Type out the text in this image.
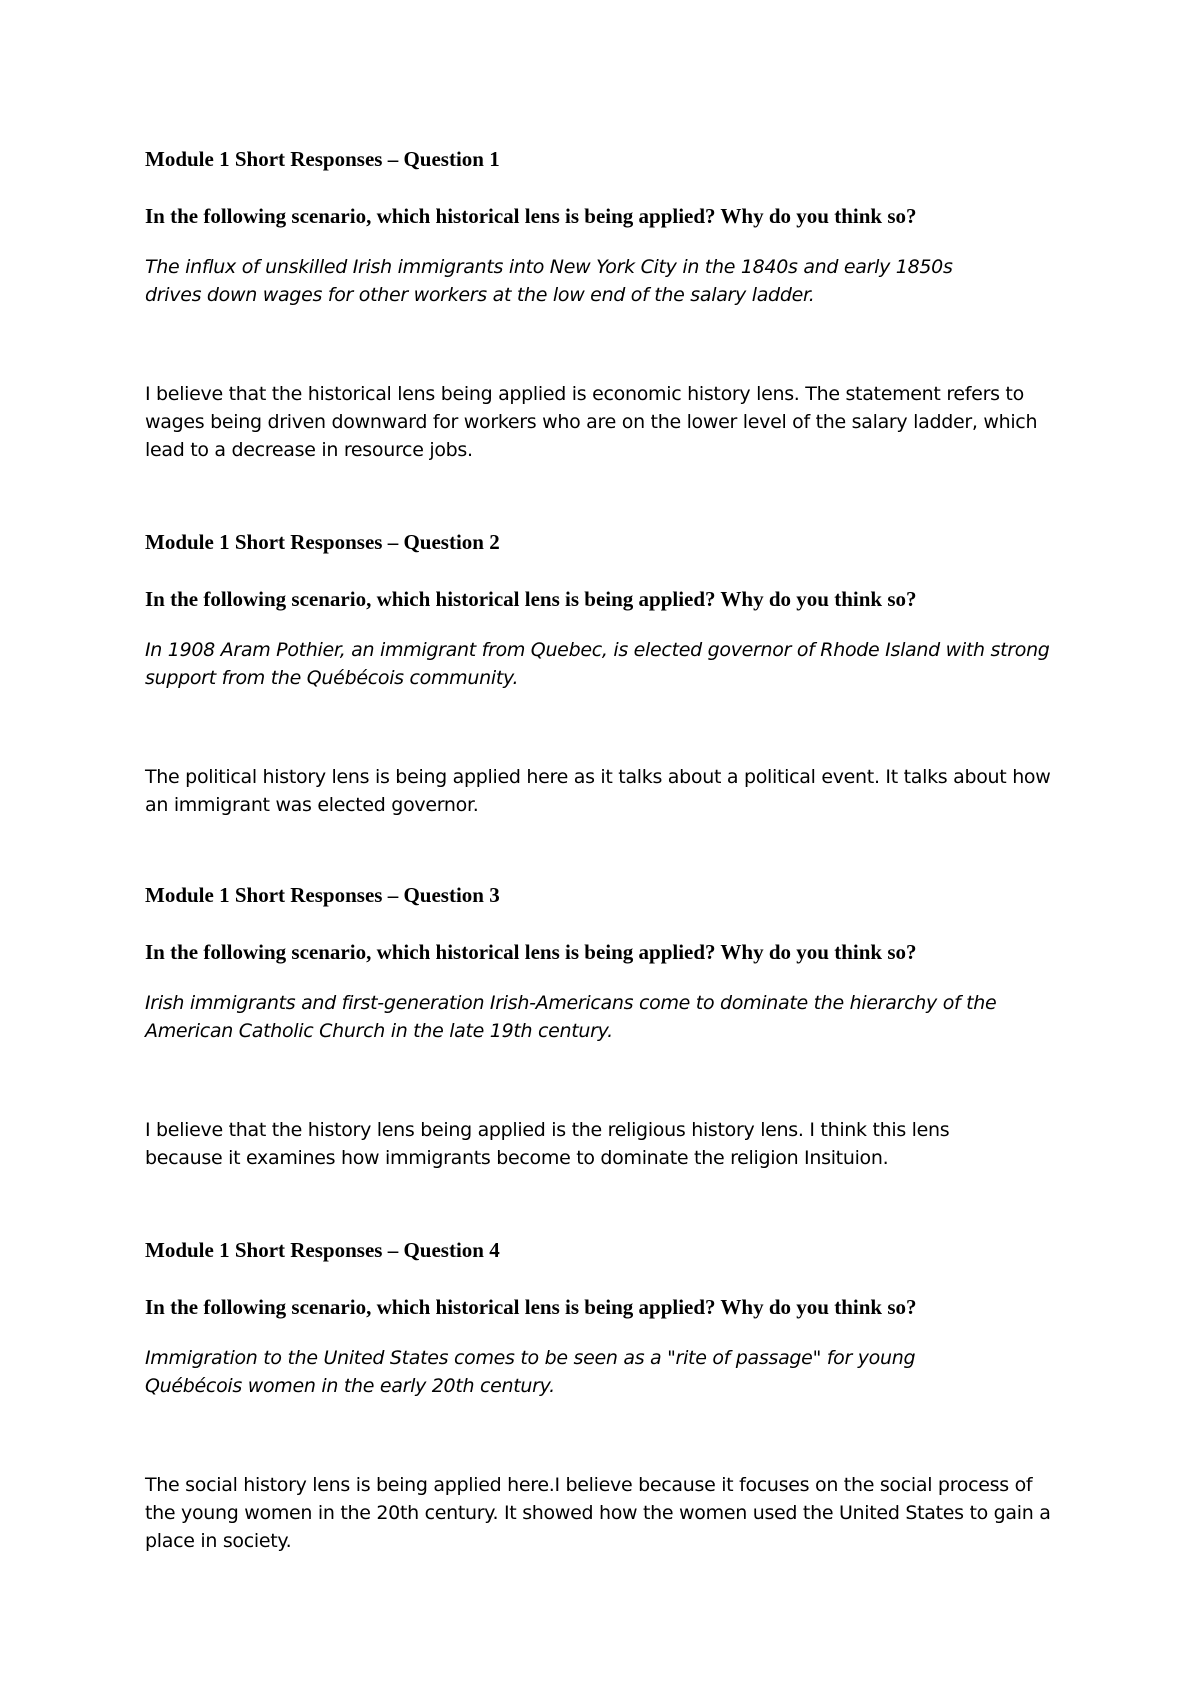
Module 1 Short Responses – Question 1

In the following scenario, which historical lens is being applied? Why do you think so?

The influx of unskilled Irish immigrants into New York City in the 1840s and early 1850s drives down wages for other workers at the low end of the salary ladder.

I believe that the historical lens being applied is economic history lens. The statement refers to wages being driven downward for workers who are on the lower level of the salary ladder, which lead to a decrease in resource jobs.

Module 1 Short Responses – Question 2

In the following scenario, which historical lens is being applied? Why do you think so?

In 1908 Aram Pothier, an immigrant from Quebec, is elected governor of Rhode Island with strong support from the Québécois community.

The political history lens is being applied here as it talks about a political event. It talks about how an immigrant was elected governor.

Module 1 Short Responses – Question 3

In the following scenario, which historical lens is being applied? Why do you think so?

Irish immigrants and first-generation Irish-Americans come to dominate the hierarchy of the American Catholic Church in the late 19th century.

I believe that the history lens being applied is the religious history lens. I think this lens because it examines how immigrants become to dominate the religion Insituion.

Module 1 Short Responses – Question 4

In the following scenario, which historical lens is being applied? Why do you think so?

Immigration to the United States comes to be seen as a "rite of passage" for young Québécois women in the early 20th century.

The social history lens is being applied here.I believe because it focuses on the social process of the young women in the 20th century. It showed how the women used the United States to gain a place in society.
